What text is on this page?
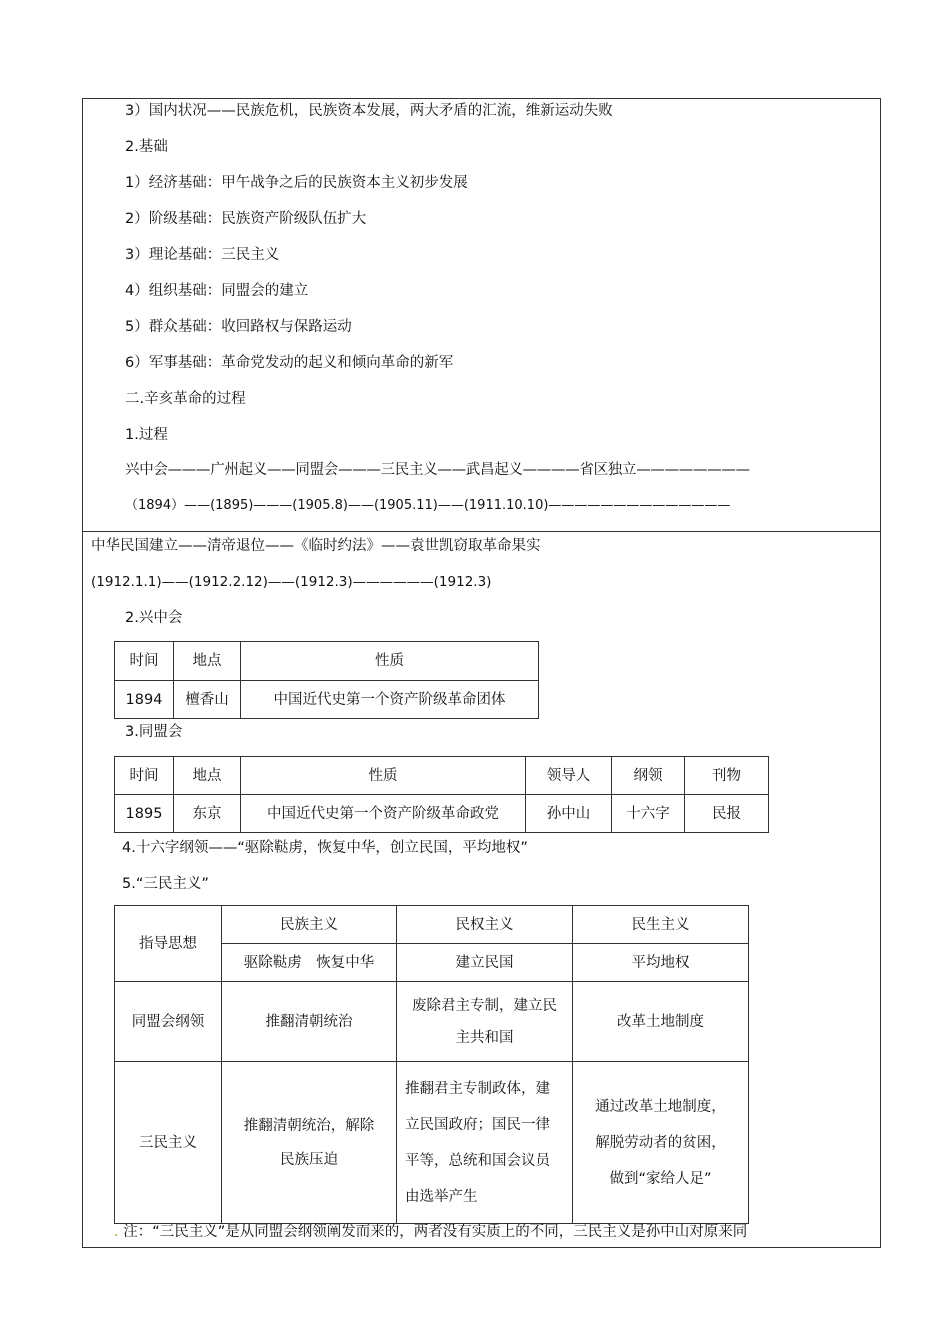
3）国内状况——民族危机，民族资本发展，两大矛盾的汇流，维新运动失败
2.基础
1）经济基础：甲午战争之后的民族资本主义初步发展
2）阶级基础：民族资产阶级队伍扩大
3）理论基础：三民主义
4）组织基础：同盟会的建立
5）群众基础：收回路权与保路运动
6）军事基础：革命党发动的起义和倾向革命的新军
二.辛亥革命的过程
1.过程
兴中会———广州起义——同盟会———三民主义——武昌起义————省区独立————————
（1894）——(1895)———(1905.8)——(1905.11)——(1911.10.10)——————————————
中华民国建立——清帝退位——《临时约法》——袁世凯窃取革命果实
(1912.1.1)——(1912.2.12)——(1912.3)——————(1912.3)
2.兴中会
时间	地点	性质
1894	檀香山	中国近代史第一个资产阶级革命团体
3.同盟会
时间	地点	性质	领导人	纲领	刊物
1895	东京	中国近代史第一个资产阶级革命政党	孙中山	十六字	民报
4.十六字纲领——“驱除鞑虏，恢复中华，创立民国，平均地权”
5.“三民主义”
指导思想	民族主义	民权主义	民生主义
	驱除鞑虏　恢复中华	建立民国	平均地权
同盟会纲领	推翻清朝统治	废除君主专制，建立民主共和国	改革土地制度
三民主义	推翻清朝统治，解除民族压迫	推翻君主专制政体，建立民国政府；国民一律平等，总统和国会议员由选举产生	通过改革土地制度，解脱劳动者的贫困，做到“家给人足”
. 注：“三民主义”是从同盟会纲领阐发而来的，两者没有实质上的不同，三民主义是孙中山对原来同
